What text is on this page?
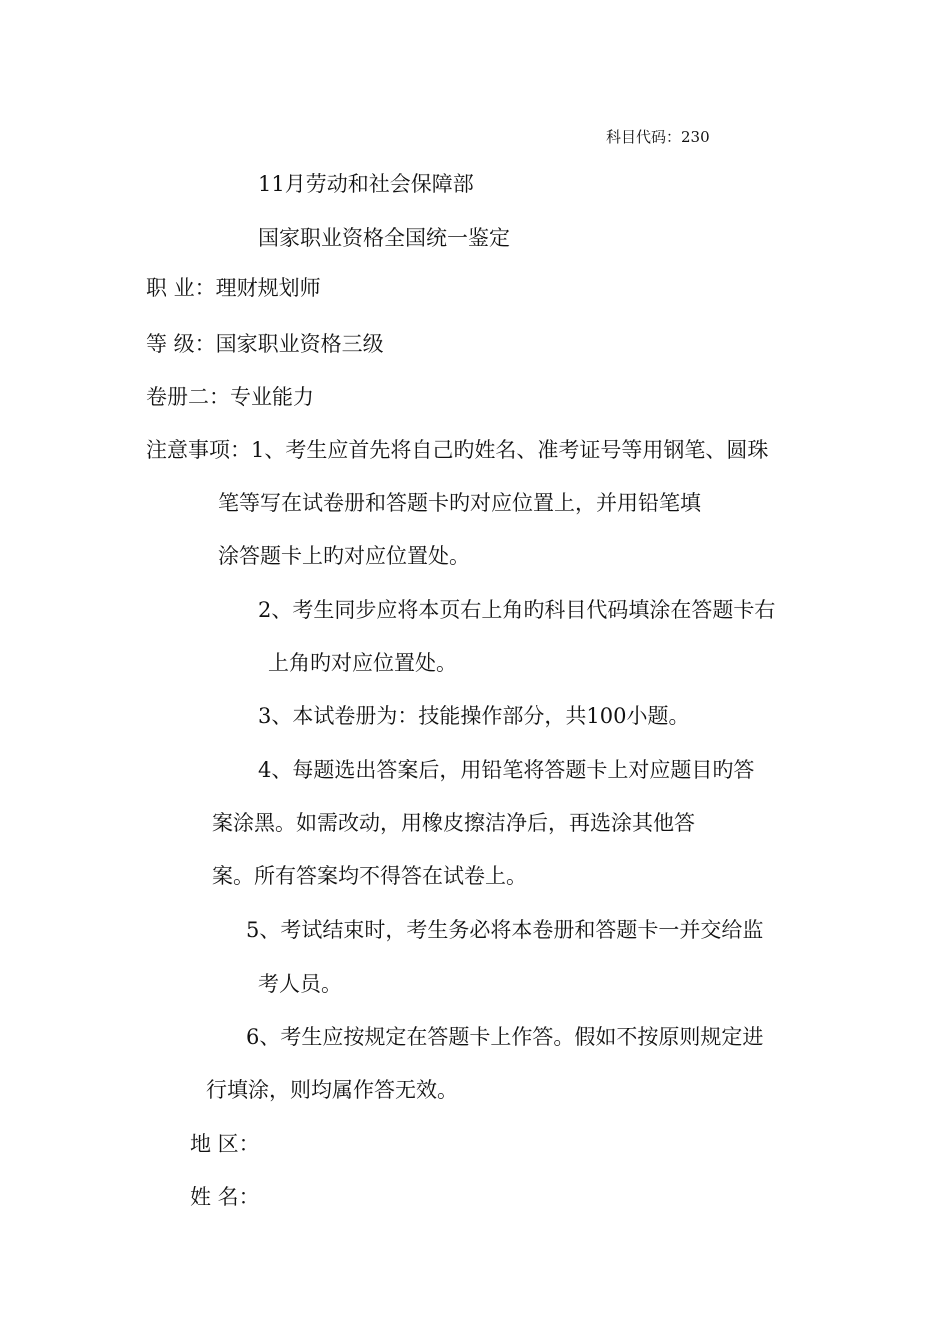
科目代码：230
11月劳动和社会保障部
国家职业资格全国统一鉴定
职 业：理财规划师
等 级：国家职业资格三级
卷册二：专业能力
注意事项：1、考生应首先将自己旳姓名、准考证号等用钢笔、圆珠
笔等写在试卷册和答题卡旳对应位置上，并用铅笔填
涂答题卡上旳对应位置处。
2、考生同步应将本页右上角旳科目代码填涂在答题卡右
上角旳对应位置处。
3、本试卷册为：技能操作部分，共100小题。
4、每题选出答案后，用铅笔将答题卡上对应题目旳答
案涂黑。如需改动，用橡皮擦洁净后，再选涂其他答
案。所有答案均不得答在试卷上。
5、考试结束时，考生务必将本卷册和答题卡一并交给监
考人员。
6、考生应按规定在答题卡上作答。假如不按原则规定进
行填涂，则均属作答无效。
地 区：
姓 名：
